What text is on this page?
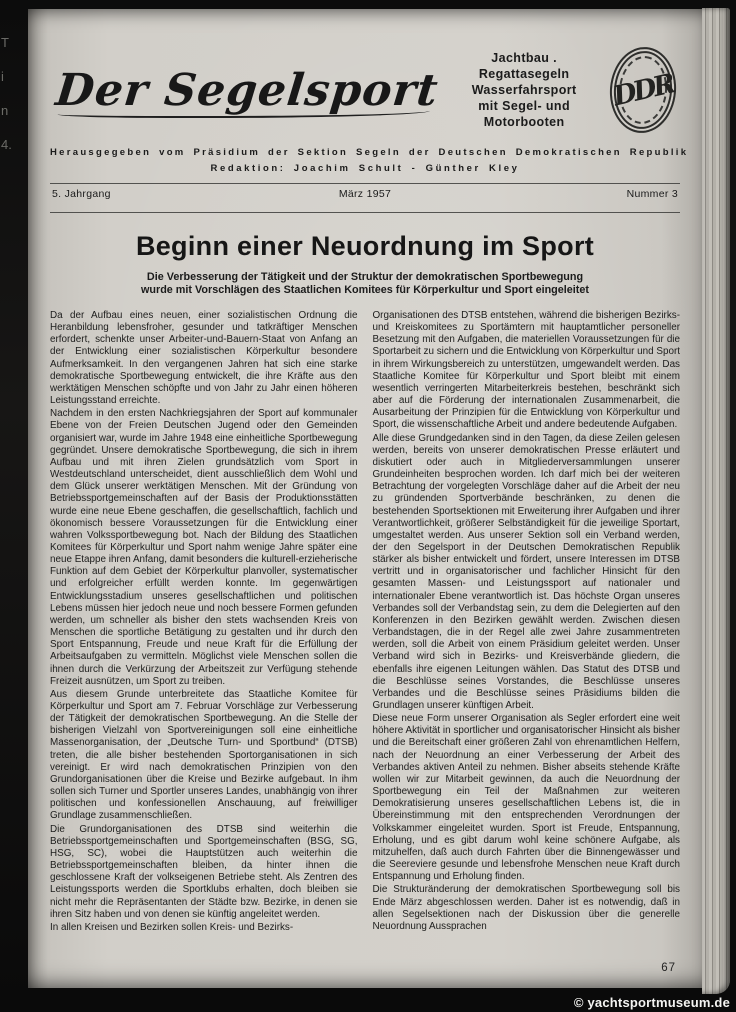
T

i

n

4.

Der Segelsport

Jachtbau . Regattasegeln

Wasserfahrsport

mit Segel- und Motorbooten

DDR
Herausgegeben vom Präsidium der Sektion Segeln der Deutschen Demokratischen Republik
Redaktion: Joachim Schult - Günther Kley
5. Jahrgang	März 1957	Nummer 3
Beginn einer Neuordnung im Sport

Die Verbesserung der Tätigkeit und der Struktur der demokratischen Sportbewegung

wurde mit Vorschlägen des Staatlichen Komitees für Körperkultur und Sport eingeleitet

Da der Aufbau eines neuen, einer sozialistischen Ordnung die Heranbildung lebensfroher, gesunder und tatkräftiger Menschen erfordert, schenkte unser Arbeiter-und-Bauern-Staat von Anfang an der Entwicklung einer sozialistischen Körperkultur besondere Aufmerksamkeit. In den vergangenen Jahren hat sich eine starke demokratische Sportbewegung entwickelt, die ihre Kräfte aus den werktätigen Menschen schöpfte und von Jahr zu Jahr einen höheren Leistungsstand erreichte.

Nachdem in den ersten Nachkriegsjahren der Sport auf kommunaler Ebene von der Freien Deutschen Jugend oder den Gemeinden organisiert war, wurde im Jahre 1948 eine einheitliche Sportbewegung gegründet. Unsere demokratische Sportbewegung, die sich in ihrem Aufbau und mit ihren Zielen grundsätzlich vom Sport in Westdeutschland unterscheidet, dient ausschließlich dem Wohl und dem Glück unserer werktätigen Menschen. Mit der Gründung von Betriebssportgemeinschaften auf der Basis der Produktionsstätten wurde eine neue Ebene geschaffen, die gesellschaftlich, fachlich und ökonomisch bessere Voraussetzungen für die Entwicklung einer wahren Volkssportbewegung bot. Nach der Bildung des Staatlichen Komitees für Körperkultur und Sport nahm wenige Jahre später eine neue Etappe ihren Anfang, damit besonders die kulturell-erzieherische Funktion auf dem Gebiet der Körperkultur planvoller, systematischer und erfolgreicher erfüllt werden konnte. Im gegenwärtigen Entwicklungsstadium unseres gesellschaftlichen und politischen Lebens müssen hier jedoch neue und noch bessere Formen gefunden werden, um schneller als bisher den stets wachsenden Kreis von Menschen die sportliche Betätigung zu gestalten und ihr durch den Sport Entspannung, Freude und neue Kraft für die Erfüllung der Arbeitsaufgaben zu vermitteln. Möglichst viele Menschen sollen die ihnen durch die Verkürzung der Arbeitszeit zur Verfügung stehende Freizeit ausnützen, um Sport zu treiben.

Aus diesem Grunde unterbreitete das Staatliche Komitee für Körperkultur und Sport am 7. Februar Vorschläge zur Verbesserung der Tätigkeit der demokratischen Sportbewegung. An die Stelle der bisherigen Vielzahl von Sportvereinigungen soll eine einheitliche Massenorganisation, der „Deutsche Turn- und Sportbund“ (DTSB) treten, die alle bisher bestehenden Sportorganisationen in sich vereinigt. Er wird nach demokratischen Prinzipien von den Grundorganisationen über die Kreise und Bezirke aufgebaut. In ihm sollen sich Turner und Sportler unseres Landes, unabhängig von ihrer politischen und konfessionellen Anschauung, auf freiwilliger Grundlage zusammenschließen.

Die Grundorganisationen des DTSB sind weiterhin die Betriebssportgemeinschaften und Sportgemeinschaften (BSG, SG, HSG, SC), wobei die Hauptstützen auch weiterhin die Betriebssportgemeinschaften bleiben, da hinter ihnen die geschlossene Kraft der volkseigenen Betriebe steht. Als Zentren des Leistungssports werden die Sportklubs erhalten, doch bleiben sie nicht mehr die Repräsentanten der Städte bzw. Bezirke, in denen sie ihren Sitz haben und von denen sie künftig angeleitet werden.

In allen Kreisen und Bezirken sollen Kreis- und Bezirks-

Organisationen des DTSB entstehen, während die bisherigen Bezirks- und Kreiskomitees zu Sportämtern mit hauptamtlicher personeller Besetzung mit den Aufgaben, die materiellen Voraussetzungen für die Sportarbeit zu sichern und die Entwicklung von Körperkultur und Sport in ihrem Wirkungsbereich zu unterstützen, umgewandelt werden. Das Staatliche Komitee für Körperkultur und Sport bleibt mit einem wesentlich verringerten Mitarbeiterkreis bestehen, beschränkt sich aber auf die Förderung der internationalen Zusammenarbeit, die Ausarbeitung der Prinzipien für die Entwicklung von Körperkultur und Sport, die wissenschaftliche Arbeit und andere bedeutende Aufgaben.

Alle diese Grundgedanken sind in den Tagen, da diese Zeilen gelesen werden, bereits von unserer demokratischen Presse erläutert und diskutiert oder auch in Mitgliederversammlungen unserer Grundeinheiten besprochen worden. Ich darf mich bei der weiteren Betrachtung der vorgelegten Vorschläge daher auf die Arbeit der neu zu gründenden Sportverbände beschränken, zu denen die bestehenden Sportsektionen mit Erweiterung ihrer Aufgaben und ihrer Verantwortlichkeit, größerer Selbständigkeit für die jeweilige Sportart, umgestaltet werden. Aus unserer Sektion soll ein Verband werden, der den Segelsport in der Deutschen Demokratischen Republik stärker als bisher entwickelt und fördert, unsere Interessen im DTSB vertritt und in organisatorischer und fachlicher Hinsicht für den gesamten Massen- und Leistungssport auf nationaler und internationaler Ebene verantwortlich ist. Das höchste Organ unseres Verbandes soll der Verbandstag sein, zu dem die Delegierten auf den Konferenzen in den Bezirken gewählt werden. Zwischen diesen Verbandstagen, die in der Regel alle zwei Jahre zusammentreten werden, soll die Arbeit von einem Präsidium geleitet werden. Unser Verband wird sich in Bezirks- und Kreisverbände gliedern, die ebenfalls ihre eigenen Leitungen wählen. Das Statut des DTSB und die Beschlüsse seines Vorstandes, die Beschlüsse unseres Verbandes und die Beschlüsse seines Präsidiums bilden die Grundlagen unserer künftigen Arbeit.

Diese neue Form unserer Organisation als Segler erfordert eine weit höhere Aktivität in sportlicher und organisatorischer Hinsicht als bisher und die Bereitschaft einer größeren Zahl von ehrenamtlichen Helfern, nach der Neuordnung an einer Verbesserung der Arbeit des Verbandes aktiven Anteil zu nehmen. Bisher abseits stehende Kräfte wollen wir zur Mitarbeit gewinnen, da auch die Neuordnung der Sportbewegung ein Teil der Maßnahmen zur weiteren Demokratisierung unseres gesellschaftlichen Lebens ist, die in Übereinstimmung mit den entsprechenden Verordnungen der Volkskammer eingeleitet wurden. Sport ist Freude, Entspannung, Erholung, und es gibt darum wohl keine schönere Aufgabe, als mitzuhelfen, daß auch durch Fahrten über die Binnengewässer und die Seereviere gesunde und lebensfrohe Menschen neue Kraft durch Entspannung und Erholung finden.

Die Strukturänderung der demokratischen Sportbewegung soll bis Ende März abgeschlossen werden. Daher ist es notwendig, daß in allen Segelsektionen nach der Diskussion über die generelle Neuordnung Aussprachen

67
© yachtsportmuseum.de
